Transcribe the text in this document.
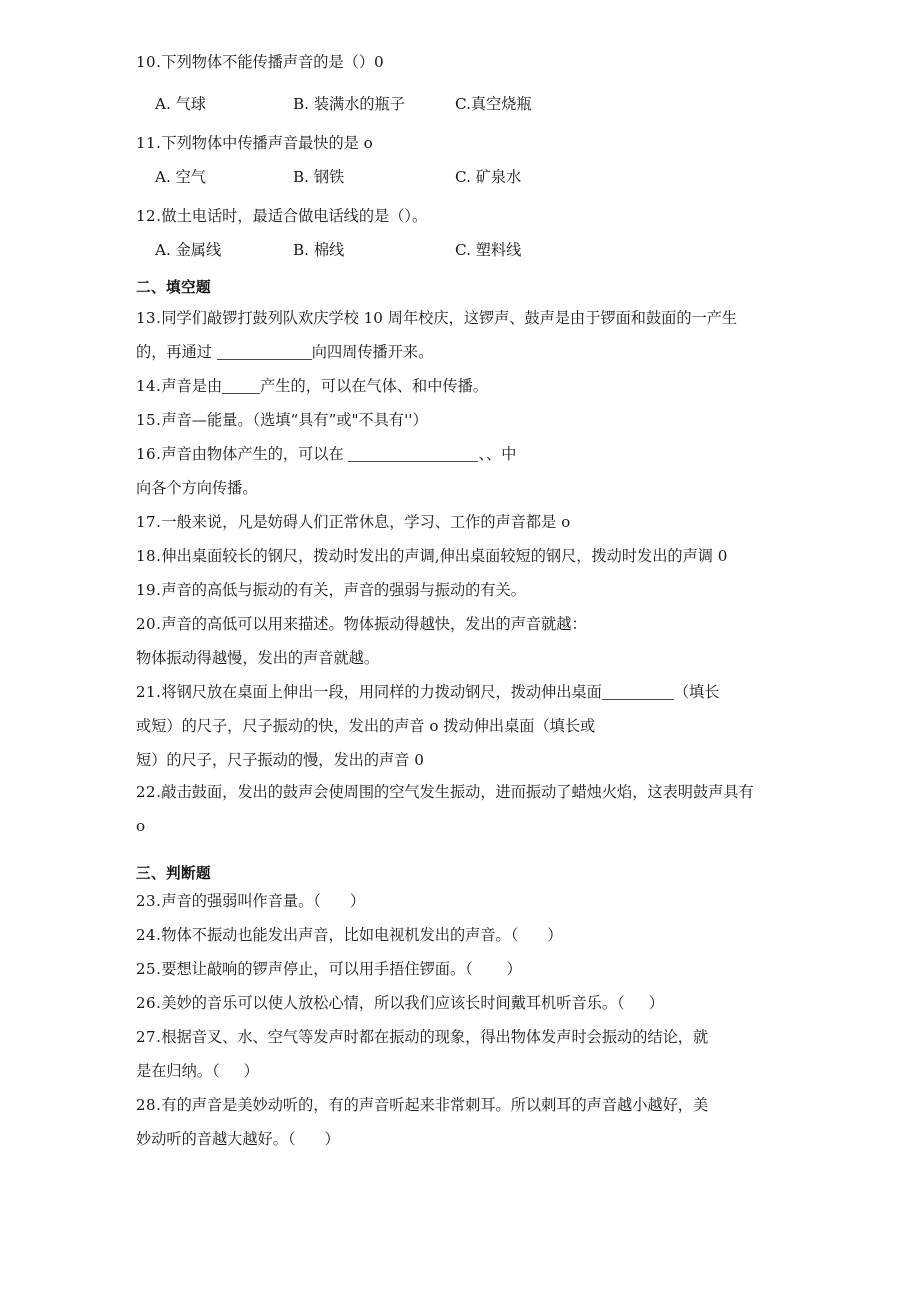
10.下列物体不能传播声音的是（）0
A. 气球	B. 装满水的瓶子	C.真空烧瓶
11.下列物体中传播声音最快的是 o
A. 空气	B. 钢铁	C. 矿泉水
12.做土电话时，最适合做电话线的是（）。
A. 金属线	B. 棉线	C. 塑料线
二、填空题
13.同学们敲锣打鼓列队欢庆学校 10 周年校庆，这锣声、鼓声是由于锣面和鼓面的一产生
的，再通过	向四周传播开来。
14.声音是由	产生的，可以在气体、和中传播。
15.声音—能量。（选填“具有”或"不具有''）
16.声音由物体产生的，可以在	、、中
向各个方向传播。
17.一般来说，凡是妨碍人们正常休息，学习、工作的声音都是 o
18.伸出桌面较长的钢尺，拨动时发出的声调,伸出桌面较短的钢尺，拨动时发出的声调 0
19.声音的高低与振动的有关，声音的强弱与振动的有关。
20.声音的高低可以用来描述。物体振动得越快，发出的声音就越：
物体振动得越慢，发出的声音就越。
21.将钢尺放在桌面上伸出一段，用同样的力拨动钢尺，拨动伸出桌面	（填长
或短）的尺子，尺子振动的快，发出的声音 o 拨动伸出桌面（填长或
短）的尺子，尺子振动的慢，发出的声音 0
22.敲击鼓面，发出的鼓声会使周围的空气发生振动，进而振动了蜡烛火焰，这表明鼓声具有
o
三、判断题
23.声音的强弱叫作音量。（ ）
24.物体不振动也能发出声音，比如电视机发出的声音。（ ）
25.要想让敲响的锣声停止，可以用手捂住锣面。（ ）
26.美妙的音乐可以使人放松心情，所以我们应该长时间戴耳机听音乐。（ ）
27.根据音叉、水、空气等发声时都在振动的现象，得出物体发声时会振动的结论，就
是在归纳。（ ）
28.有的声音是美妙动听的，有的声音听起来非常刺耳。所以刺耳的声音越小越好，美
妙动听的音越大越好。（ ）
